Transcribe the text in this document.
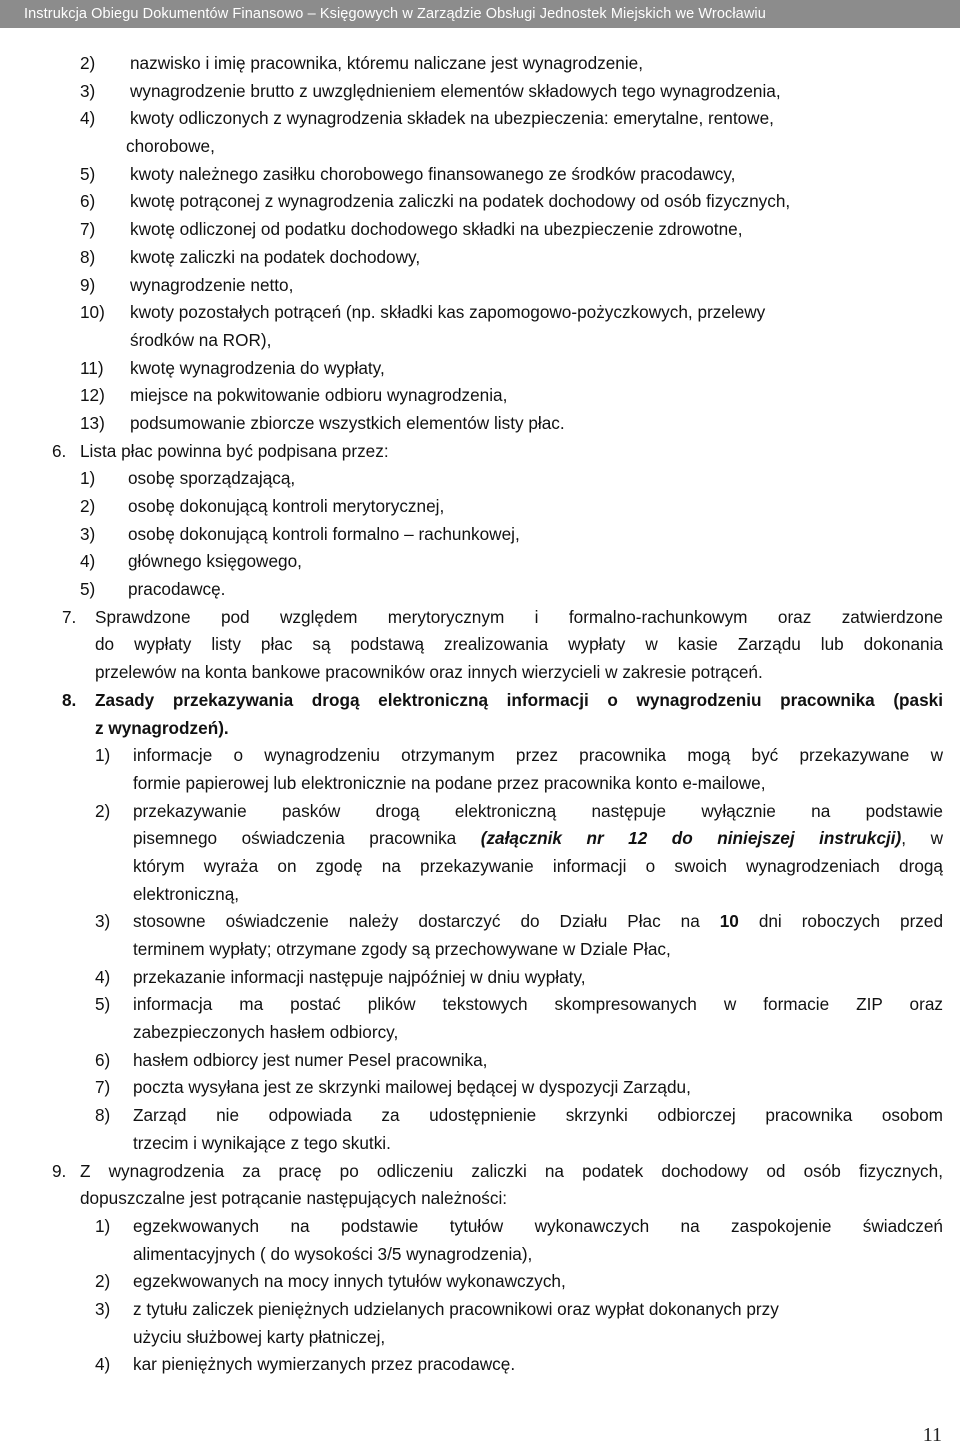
Instrukcja Obiegu Dokumentów Finansowo – Księgowych w Zarządzie Obsługi Jednostek Miejskich we Wrocławiu
2) nazwisko i imię pracownika, któremu naliczane jest wynagrodzenie,
3) wynagrodzenie brutto z uwzględnieniem elementów składowych tego wynagrodzenia,
4) kwoty odliczonych z wynagrodzenia składek na ubezpieczenia: emerytalne, rentowe,
chorobowe,
5) kwoty należnego zasiłku chorobowego finansowanego ze środków pracodawcy,
6) kwotę potrąconej z wynagrodzenia zaliczki na podatek dochodowy od osób fizycznych,
7) kwotę odliczonej od podatku dochodowego składki na ubezpieczenie zdrowotne,
8) kwotę zaliczki na podatek dochodowy,
9) wynagrodzenie netto,
10) kwoty pozostałych potrąceń (np. składki kas zapomogowo-pożyczkowych, przelewy
środków na ROR),
11) kwotę wynagrodzenia do wypłaty,
12) miejsce na pokwitowanie odbioru wynagrodzenia,
13) podsumowanie zbiorcze wszystkich elementów listy płac.
6. Lista płac powinna być podpisana przez:
1) osobę sporządzającą,
2) osobę dokonującą kontroli merytorycznej,
3) osobę dokonującą kontroli formalno – rachunkowej,
4) głównego księgowego,
5) pracodawcę.
7. Sprawdzone pod względem merytorycznym i formalno-rachunkowym oraz zatwierdzone
do wypłaty listy płac są podstawą zrealizowania wypłaty w kasie Zarządu lub dokonania
przelewów na konta bankowe pracowników oraz innych wierzycieli w zakresie potrąceń.
8. Zasady przekazywania drogą elektroniczną informacji o wynagrodzeniu pracownika (paski
z wynagrodzeń).
1) informacje o wynagrodzeniu otrzymanym przez pracownika mogą być przekazywane w
formie papierowej lub elektronicznie na podane przez pracownika konto e-mailowe,
2) przekazywanie pasków drogą elektroniczną następuje wyłącznie na podstawie
pisemnego oświadczenia pracownika (załącznik nr 12 do niniejszej instrukcji), w
którym wyraża on zgodę na przekazywanie informacji o swoich wynagrodzeniach drogą
elektroniczną,
3) stosowne oświadczenie należy dostarczyć do Działu Płac na 10 dni roboczych przed
terminem wypłaty; otrzymane zgody są przechowywane w Dziale Płac,
4) przekazanie informacji następuje najpóźniej w dniu wypłaty,
5) informacja ma postać plików tekstowych skompresowanych w formacie ZIP oraz
zabezpieczonych hasłem odbiorcy,
6) hasłem odbiorcy jest numer Pesel pracownika,
7) poczta wysyłana jest ze skrzynki mailowej będącej w dyspozycji Zarządu,
8) Zarząd nie odpowiada za udostępnienie skrzynki odbiorczej pracownika osobom
trzecim i wynikające z tego skutki.
9. Z wynagrodzenia za pracę po odliczeniu zaliczki na podatek dochodowy od osób fizycznych,
dopuszczalne jest potrącanie następujących należności:
1) egzekwowanych na podstawie tytułów wykonawczych na zaspokojenie świadczeń
alimentacyjnych ( do wysokości 3/5 wynagrodzenia),
2) egzekwowanych na mocy innych tytułów wykonawczych,
3) z tytułu zaliczek pieniężnych udzielanych pracownikowi oraz wypłat dokonanych przy
użyciu służbowej karty płatniczej,
4) kar pieniężnych wymierzanych przez pracodawcę.
11
